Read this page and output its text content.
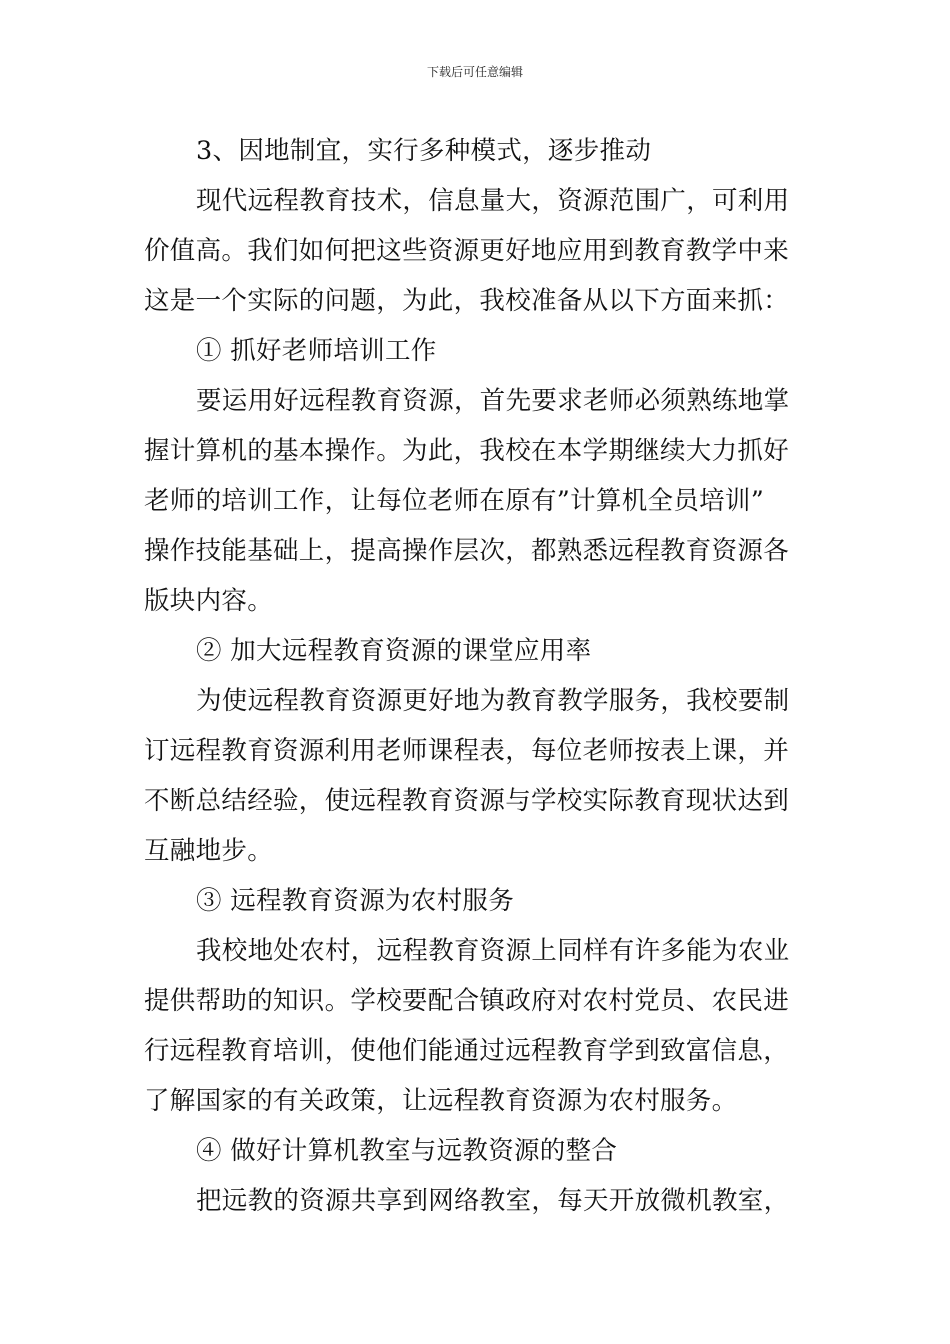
下载后可任意编辑
3、因地制宜，实行多种模式，逐步推动
现代远程教育技术，信息量大，资源范围广，可利用
价值高。我们如何把这些资源更好地应用到教育教学中来
这是一个实际的问题，为此，我校准备从以下方面来抓：
① 抓好老师培训工作
要运用好远程教育资源，首先要求老师必须熟练地掌
握计算机的基本操作。为此，我校在本学期继续大力抓好
老师的培训工作，让每位老师在原有”计算机全员培训”
操作技能基础上，提高操作层次，都熟悉远程教育资源各
版块内容。
② 加大远程教育资源的课堂应用率
为使远程教育资源更好地为教育教学服务，我校要制
订远程教育资源利用老师课程表，每位老师按表上课，并
不断总结经验，使远程教育资源与学校实际教育现状达到
互融地步。
③ 远程教育资源为农村服务
我校地处农村，远程教育资源上同样有许多能为农业
提供帮助的知识。学校要配合镇政府对农村党员、农民进
行远程教育培训，使他们能通过远程教育学到致富信息，
了解国家的有关政策，让远程教育资源为农村服务。
④ 做好计算机教室与远教资源的整合
把远教的资源共享到网络教室，每天开放微机教室，
